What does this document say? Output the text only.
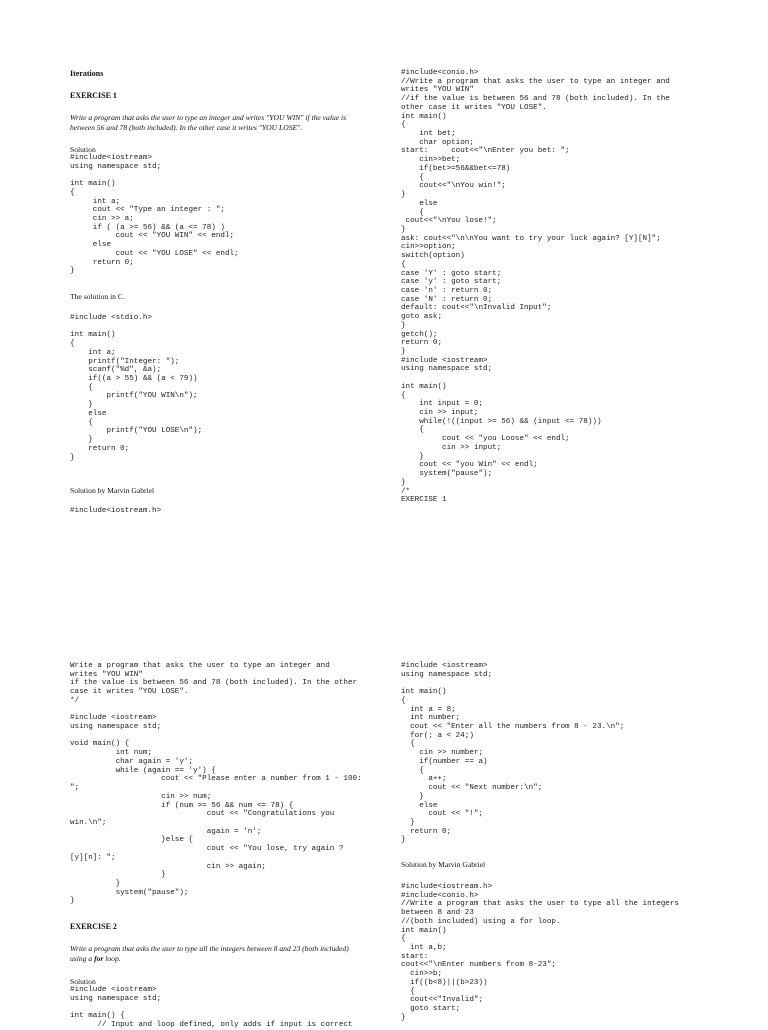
Iterations
EXERCISE 1
Write a program that asks the user to type an integer and writes "YOU WIN" if the value is between 56 and 78 (both included). In the other case it writes "YOU LOSE".
Solution
#include<iostream>
using namespace std;

int main()
{
int a;
cout << "Type an integer : ";
cin >> a;
if ( (a >= 56) && (a <= 78) )
cout << "YOU WIN" << endl;
else
cout << "YOU LOSE" << endl;
return 0;
}
The solution in C.
#include <stdio.h>

int main()
{
int a;
printf("Integer: ");
scanf("%d", &a);
if((a > 55) && (a < 79))
{
printf("YOU WIN\n");
}
else
{
printf("YOU LOSE\n");
}
return 0;
}
Solution by Marvin Gabriel
#include<iostream.h>
#include<conio.h>
//Write a program that asks the user to type an integer and
writes "YOU WIN"
//if the value is between 56 and 78 (both included). In the
other case it writes "YOU LOSE".
int main()
{
int bet;
char option;
start:     cout<<"\nEnter you bet: ";
cin>>bet;
if(bet>=56&&bet<=78)
{
cout<<"\nYou win!";
}
else
{
cout<<"\nYou lose!";
}
ask: cout<<"\n\nYou want to try your luck again? [Y][N]";
cin>>option;
switch(option)
{
case 'Y' : goto start;
case 'y' : goto start;
case 'n' : return 0;
case 'N' : return 0;
default: cout<<"\nInvalid Input";
goto ask;
}
getch();
return 0;
}
#include <iostream>
using namespace std;

int main()
{
int input = 0;
cin >> input;
while(!((input >= 56) && (input <= 78)))
{
cout << "you Loose" << endl;
cin >> input;
}
cout << "you Win" << endl;
system("pause");
}
/*
EXERCISE 1
Write a program that asks the user to type an integer and
writes "YOU WIN"
if the value is between 56 and 78 (both included). In the other
case it writes "YOU LOSE".
*/

#include <iostream>
using namespace std;

void main() {
int num;
char again = 'y';
while (again == 'y') {
cout << "Please enter a number from 1 - 100:
";
cin >> num;
if (num >= 56 && num <= 78) {
cout << "Congratulations you
win.\n";
again = 'n';
}else {
cout << "You lose, try again ?
[y][n]: ";
cin >> again;
}
}
system("pause");
}
EXERCISE 2
Write a program that asks the user to type all the integers between 8 and 23 (both included) using a for loop.
Solution
#include <iostream>
using namespace std;

int main() {
// Input and loop defined, only adds if input is correct
#include <iostream>
using namespace std;

int main()
{
int a = 8;
int number;
cout << "Enter all the numbers from 8 - 23.\n";
for(; a < 24;)
{
cin >> number;
if(number == a)
{
a++;
cout << "Next number:\n";
}
else
cout << "!";
}
return 0;
}
Solution by Marvin Gabriel
#include<iostream.h>
#include<conio.h>
//Write a program that asks the user to type all the integers
between 8 and 23
//(both included) using a for loop.
int main()
{
int a,b;
start:
cout<<"\nEnter numbers from 8-23";
cin>>b;
if((b<8)||(b>23))
{
cout<<"Invalid";
goto start;
}
